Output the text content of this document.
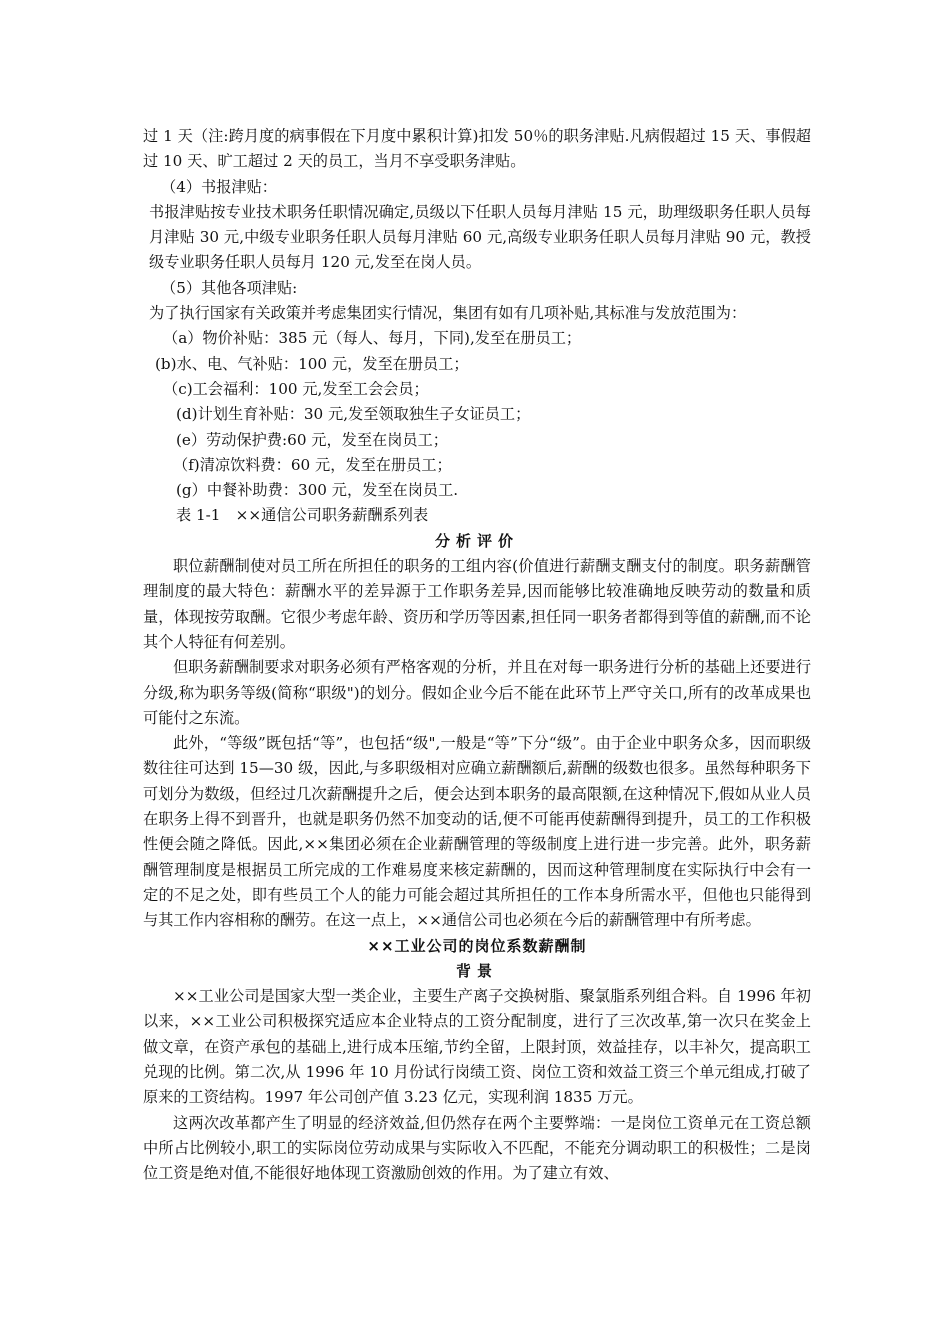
过 1 天（注:跨月度的病事假在下月度中累积计算)扣发 50％的职务津贴.凡病假超过 15 天、事假超过 10 天、旷工超过 2 天的员工，当月不享受职务津贴。

（4）书报津贴：

书报津贴按专业技术职务任职情况确定,员级以下任职人员每月津贴 15 元，助理级职务任职人员每月津贴 30 元,中级专业职务任职人员每月津贴 60 元,高级专业职务任职人员每月津贴 90 元，教授级专业职务任职人员每月 120 元,发至在岗人员。

（5）其他各项津贴:

为了执行国家有关政策并考虑集团实行情况，集团有如有几项补贴,其标准与发放范围为：

（a）物价补贴：385 元（每人、每月，下同),发至在册员工；

(b)水、电、气补贴：100 元，发至在册员工；

（c)工会福利：100 元,发至工会会员；

(d)计划生育补贴：30 元,发至领取独生子女证员工；

(e）劳动保护费:60 元，发至在岗员工；

（f)清凉饮料费：60 元，发至在册员工；

(g）中餐补助费：300 元，发至在岗员工.

表 1-1　××通信公司职务薪酬系列表

分析评价

职位薪酬制使对员工所在所担任的职务的工组内容(价值进行薪酬支酬支付的制度。职务薪酬管理制度的最大特色：薪酬水平的差异源于工作职务差异,因而能够比较准确地反映劳动的数量和质量，体现按劳取酬。它很少考虑年龄、资历和学历等因素,担任同一职务者都得到等值的薪酬,而不论其个人特征有何差别。

但职务薪酬制要求对职务必须有严格客观的分析，并且在对每一职务进行分析的基础上还要进行分级,称为职务等级(简称“职级")的划分。假如企业今后不能在此环节上严守关口,所有的改革成果也可能付之东流。

此外，“等级”既包括“等”，也包括“级",一般是“等”下分“级”。由于企业中职务众多，因而职级数往往可达到 15—30 级，因此,与多职级相对应确立薪酬额后,薪酬的级数也很多。虽然每种职务下可划分为数级，但经过几次薪酬提升之后，便会达到本职务的最高限额,在这种情况下,假如从业人员在职务上得不到晋升，也就是职务仍然不加变动的话,便不可能再使薪酬得到提升，员工的工作积极性便会随之降低。因此,××集团必须在企业薪酬管理的等级制度上进行进一步完善。此外，职务薪酬管理制度是根据员工所完成的工作难易度来核定薪酬的，因而这种管理制度在实际执行中会有一定的不足之处，即有些员工个人的能力可能会超过其所担任的工作本身所需水平，但他也只能得到与其工作内容相称的酬劳。在这一点上，××通信公司也必须在今后的薪酬管理中有所考虑。

××工业公司的岗位系数薪酬制

背景

××工业公司是国家大型一类企业，主要生产离子交换树脂、聚氯脂系列组合料。自 1996 年初以来，××工业公司积极探究适应本企业特点的工资分配制度，进行了三次改革,第一次只在奖金上做文章，在资产承包的基础上,进行成本压缩,节约全留，上限封顶，效益挂存，以丰补欠，提高职工兑现的比例。第二次,从 1996 年 10 月份试行岗绩工资、岗位工资和效益工资三个单元组成,打破了原来的工资结构。1997 年公司创产值 3.23 亿元，实现利润 1835 万元。

这两次改革都产生了明显的经济效益,但仍然存在两个主要弊端：一是岗位工资单元在工资总额中所占比例较小,职工的实际岗位劳动成果与实际收入不匹配，不能充分调动职工的积极性；二是岗位工资是绝对值,不能很好地体现工资激励创效的作用。为了建立有效、
